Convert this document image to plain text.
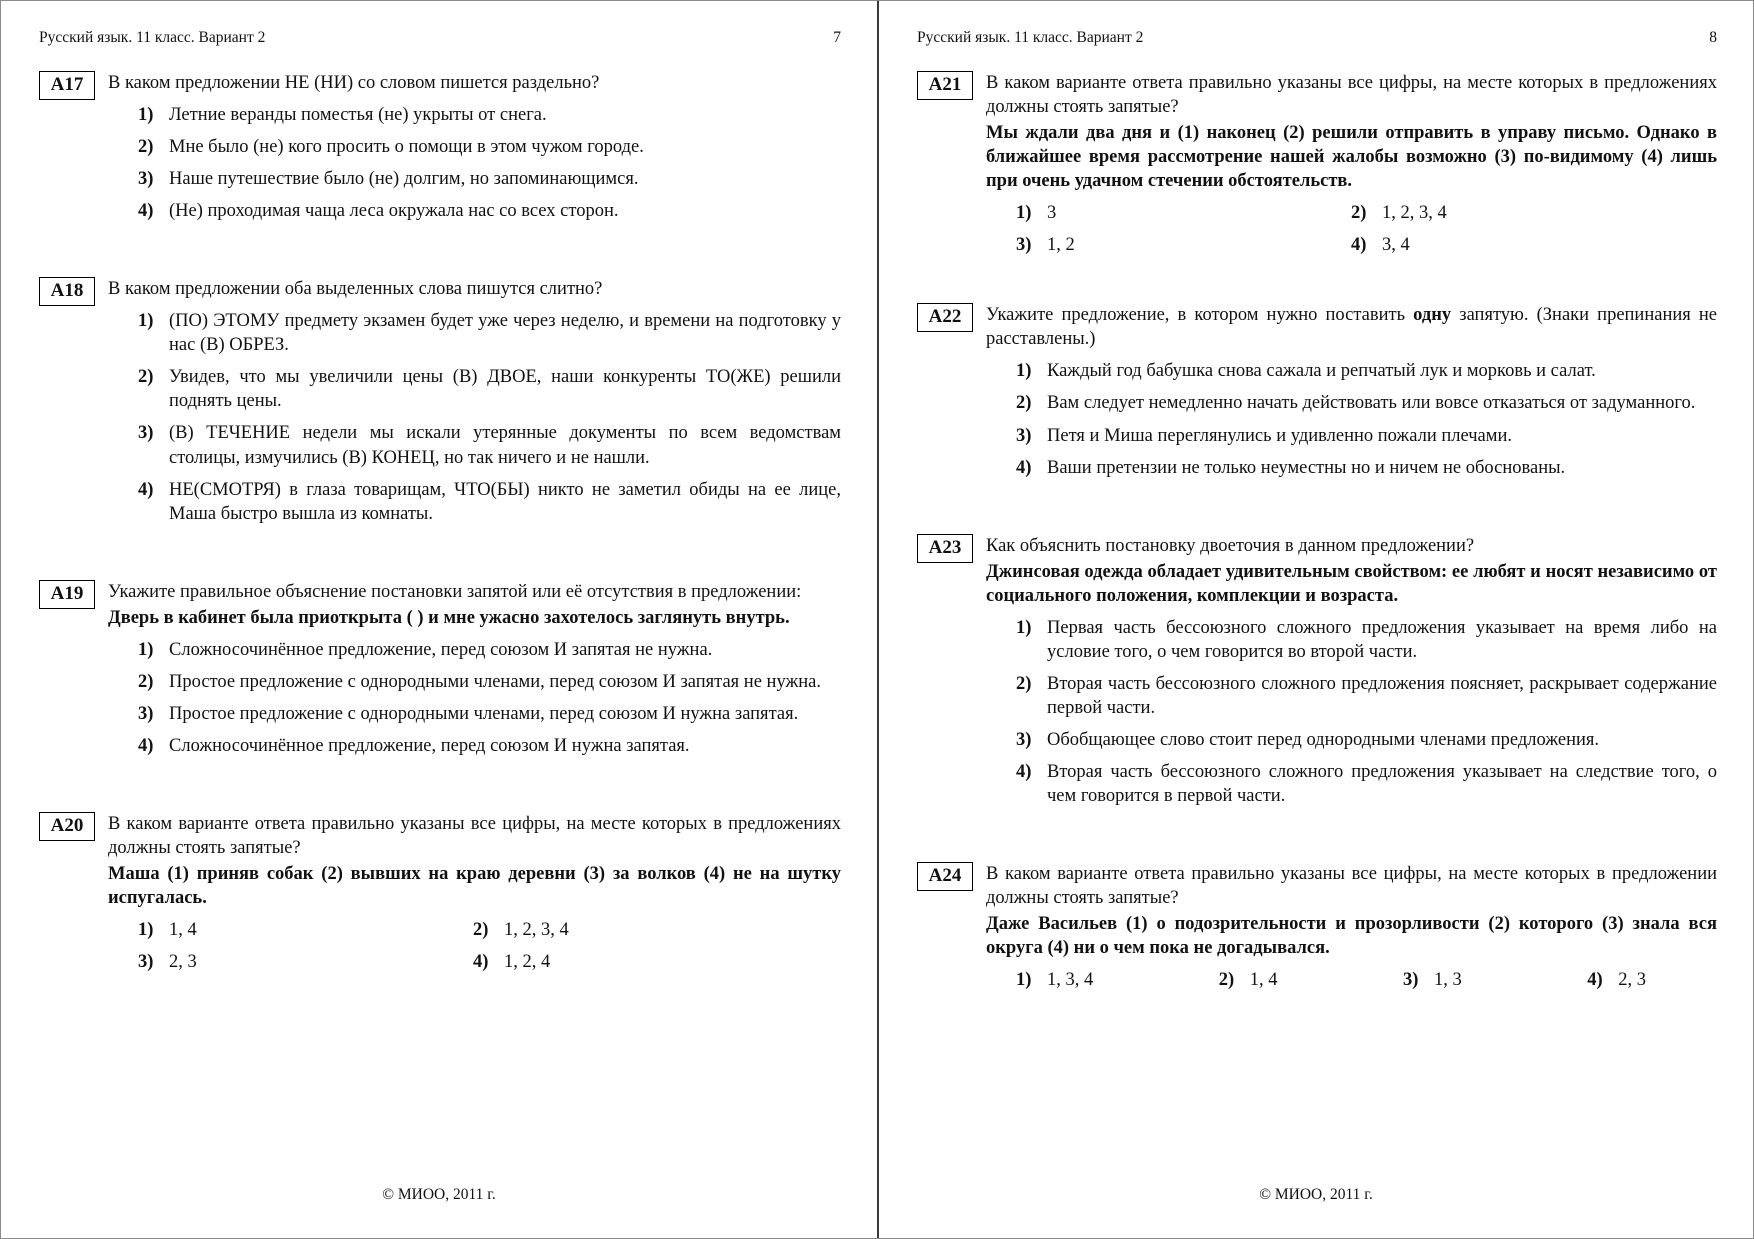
Русский язык. 11 класс. Вариант 2	7
А17	В каком предложении НЕ (НИ) со словом пишется раздельно?
1) Летние веранды поместья (не) укрыты от снега.
2) Мне было (не) кого просить о помощи в этом чужом городе.
3) Наше путешествие было (не) долгим, но запоминающимся.
4) (Не) проходимая чаща леса окружала нас со всех сторон.
А18	В каком предложении оба выделенных слова пишутся слитно?
1) (ПО) ЭТОМУ предмету экзамен будет уже через неделю, и времени на подготовку у нас (В) ОБРЕЗ.
2) Увидев, что мы увеличили цены (В) ДВОЕ, наши конкуренты ТО(ЖЕ) решили поднять цены.
3) (В) ТЕЧЕНИЕ недели мы искали утерянные документы по всем ведомствам столицы, измучились (В) КОНЕЦ, но так ничего и не нашли.
4) НЕ(СМОТРЯ) в глаза товарищам, ЧТО(БЫ) никто не заметил обиды на ее лице, Маша быстро вышла из комнаты.
А19	Укажите правильное объяснение постановки запятой или её отсутствия в предложении:
Дверь в кабинет была приоткрыта ( ) и мне ужасно захотелось заглянуть внутрь.
1) Сложносочинённое предложение, перед союзом И запятая не нужна.
2) Простое предложение с однородными членами, перед союзом И запятая не нужна.
3) Простое предложение с однородными членами, перед союзом И нужна запятая.
4) Сложносочинённое предложение, перед союзом И нужна запятая.
А20	В каком варианте ответа правильно указаны все цифры, на месте которых в предложениях должны стоять запятые?
Маша (1) приняв собак (2) вывших на краю деревни (3) за волков (4) не на шутку испугалась.
1) 1, 4	2) 1, 2, 3, 4
3) 2, 3	4) 1, 2, 4
© МИОО, 2011 г.
Русский язык. 11 класс. Вариант 2	8
А21	В каком варианте ответа правильно указаны все цифры, на месте которых в предложениях должны стоять запятые?
Мы ждали два дня и (1) наконец (2) решили отправить в управу письмо. Однако в ближайшее время рассмотрение нашей жалобы возможно (3) по-видимому (4) лишь при очень удачном стечении обстоятельств.
1) 3	2) 1, 2, 3, 4
3) 1, 2	4) 3, 4
А22	Укажите предложение, в котором нужно поставить одну запятую. (Знаки препинания не расставлены.)
1) Каждый год бабушка снова сажала и репчатый лук и морковь и салат.
2) Вам следует немедленно начать действовать или вовсе отказаться от задуманного.
3) Петя и Миша переглянулись и удивленно пожали плечами.
4) Ваши претензии не только неуместны но и ничем не обоснованы.
А23	Как объяснить постановку двоеточия в данном предложении?
Джинсовая одежда обладает удивительным свойством: ее любят и носят независимо от социального положения, комплекции и возраста.
1) Первая часть бессоюзного сложного предложения указывает на время либо на условие того, о чем говорится во второй части.
2) Вторая часть бессоюзного сложного предложения поясняет, раскрывает содержание первой части.
3) Обобщающее слово стоит перед однородными членами предложения.
4) Вторая часть бессоюзного сложного предложения указывает на следствие того, о чем говорится в первой части.
А24	В каком варианте ответа правильно указаны все цифры, на месте которых в предложении должны стоять запятые?
Даже Васильев (1) о подозрительности и прозорливости (2) которого (3) знала вся округа (4) ни о чем пока не догадывался.
1) 1, 3, 4	2) 1, 4	3) 1, 3	4) 2, 3
© МИОО, 2011 г.
